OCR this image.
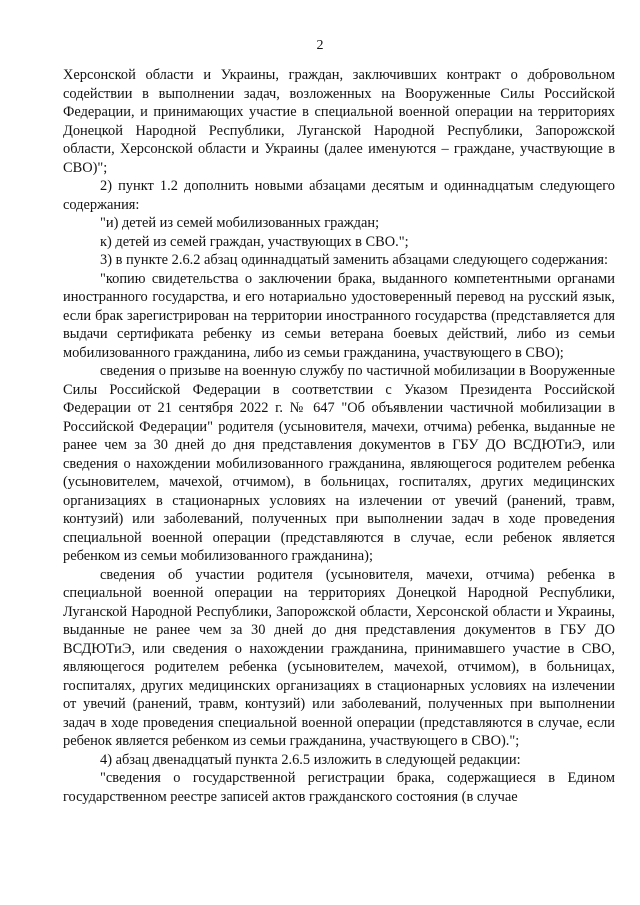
2

Херсонской области и Украины, граждан, заключивших контракт о добровольном содействии в выполнении задач, возложенных на Вооруженные Силы Российской Федерации, и принимающих участие в специальной военной операции на территориях Донецкой Народной Республики, Луганской Народной Республики, Запорожской области, Херсонской области и Украины (далее именуются – граждане, участвующие в СВО)";

2) пункт 1.2 дополнить новыми абзацами десятым и одиннадцатым следующего содержания:

"и) детей из семей мобилизованных граждан;

к) детей из семей граждан, участвующих в СВО.";

3) в пункте 2.6.2 абзац одиннадцатый заменить абзацами следующего содержания:

"копию свидетельства о заключении брака, выданного компетентными органами иностранного государства, и его нотариально удостоверенный перевод на русский язык, если брак зарегистрирован на территории иностранного государства (представляется для выдачи сертификата ребенку из семьи ветерана боевых действий, либо из семьи мобилизованного гражданина, либо из семьи гражданина, участвующего в СВО);

сведения о призыве на военную службу по частичной мобилизации в Вооруженные Силы Российской Федерации в соответствии с Указом Президента Российской Федерации от 21 сентября 2022 г. № 647 "Об объявлении частичной мобилизации в Российской Федерации" родителя (усыновителя, мачехи, отчима) ребенка, выданные не ранее чем за 30 дней до дня представления документов в ГБУ ДО ВСДЮТиЭ, или сведения о нахождении мобилизованного гражданина, являющегося родителем ребенка (усыновителем, мачехой, отчимом), в больницах, госпиталях, других медицинских организациях в стационарных условиях на излечении от увечий (ранений, травм, контузий) или заболеваний, полученных при выполнении задач в ходе проведения специальной военной операции (представляются в случае, если ребенок является ребенком из семьи мобилизованного гражданина);

сведения об участии родителя (усыновителя, мачехи, отчима) ребенка в специальной военной операции на территориях Донецкой Народной Республики, Луганской Народной Республики, Запорожской области, Херсонской области и Украины, выданные не ранее чем за 30 дней до дня представления документов в ГБУ ДО ВСДЮТиЭ, или сведения о нахождении гражданина, принимавшего участие в СВО, являющегося родителем ребенка (усыновителем, мачехой, отчимом), в больницах, госпиталях, других медицинских организациях в стационарных условиях на излечении от увечий (ранений, травм, контузий) или заболеваний, полученных при выполнении задач в ходе проведения специальной военной операции (представляются в случае, если ребенок является ребенком из семьи гражданина, участвующего в СВО).";

4) абзац двенадцатый пункта 2.6.5 изложить в следующей редакции:

"сведения о государственной регистрации брака, содержащиеся в Едином государственном реестре записей актов гражданского состояния (в случае
